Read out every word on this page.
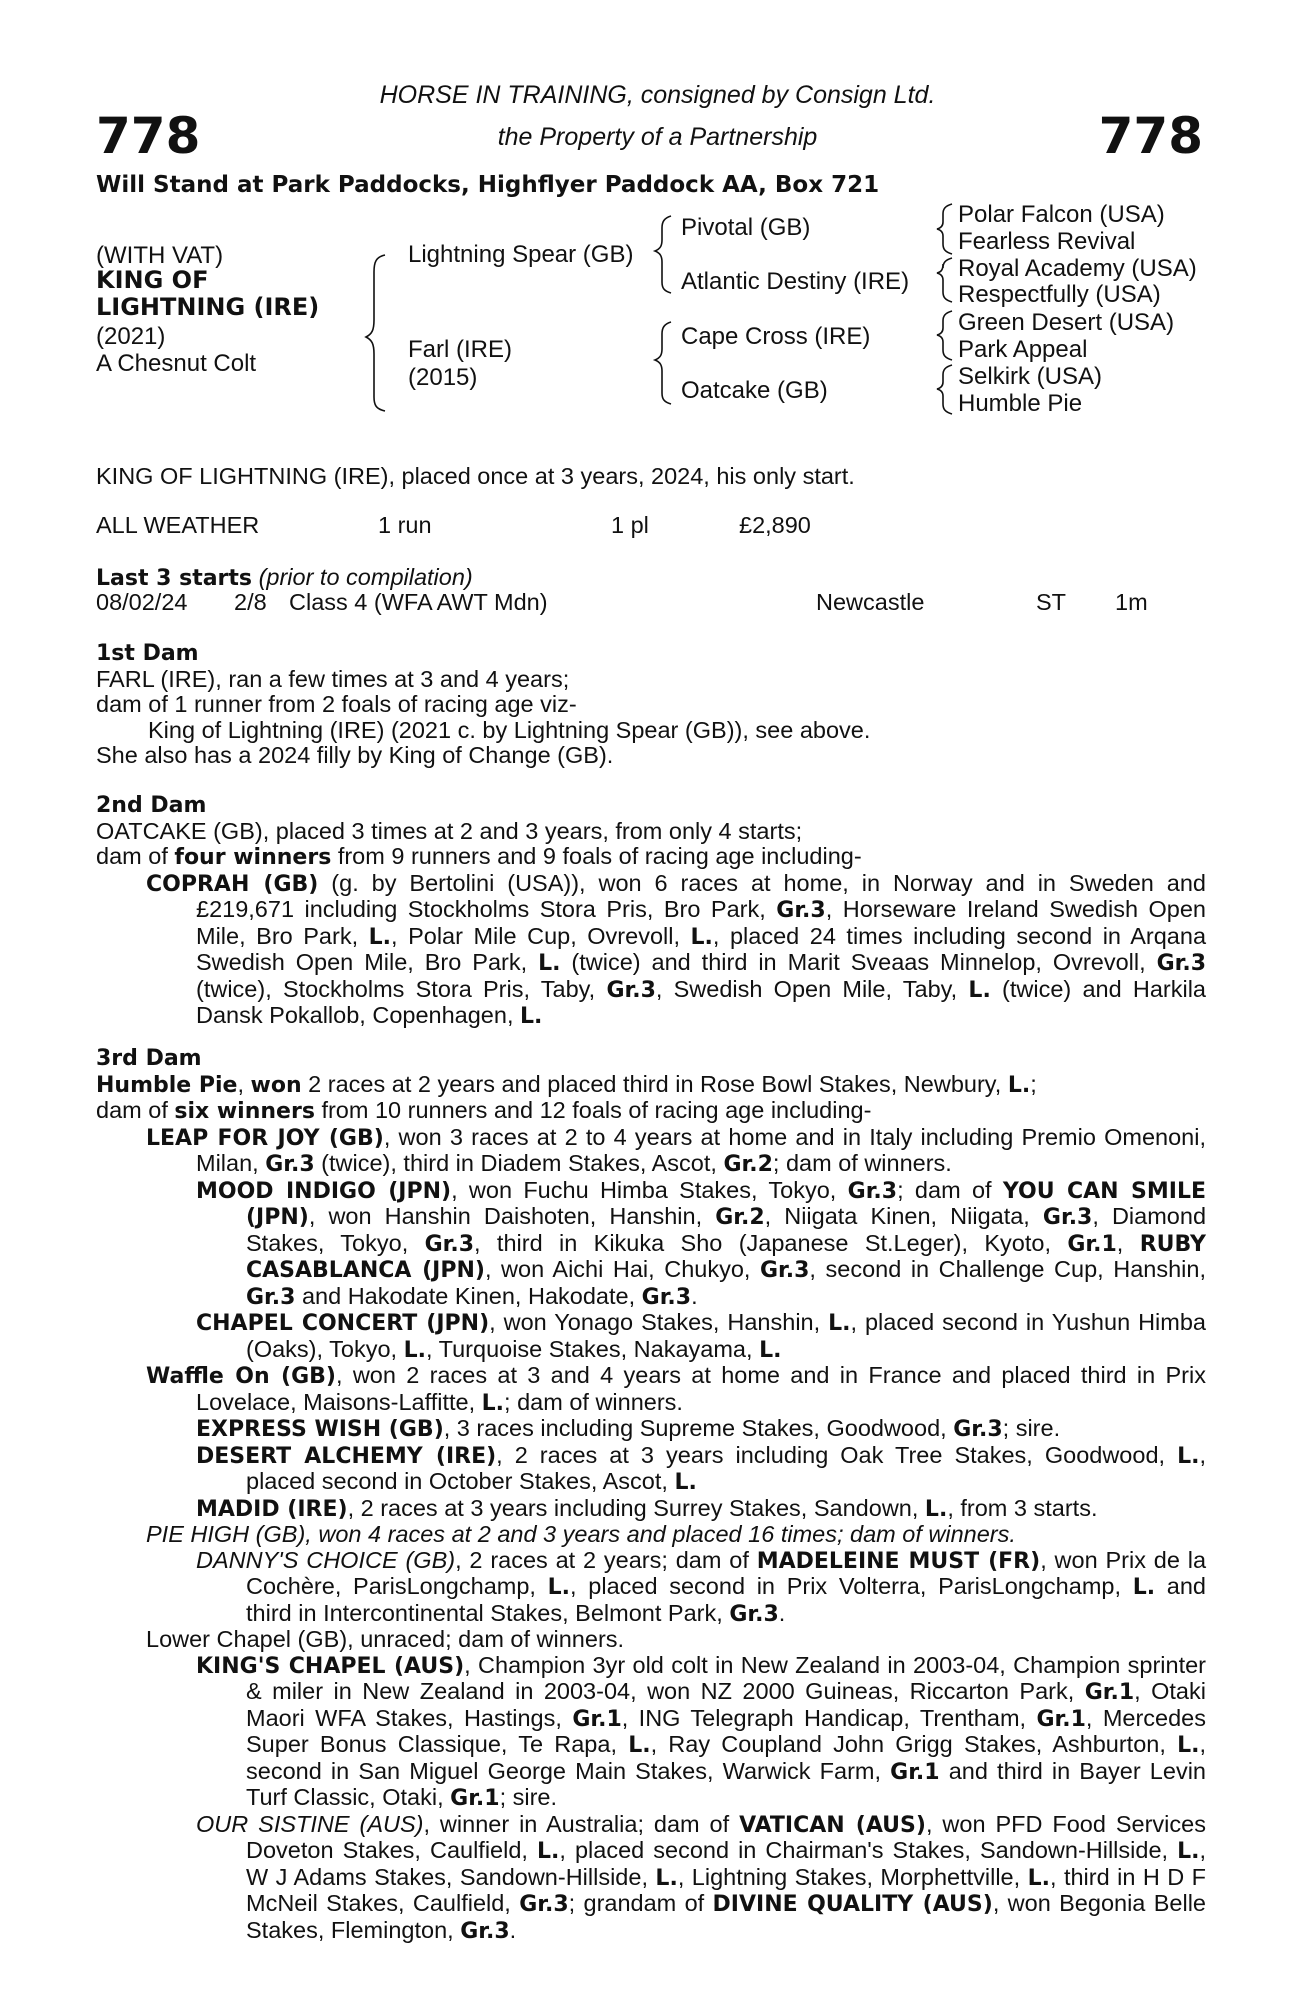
778	778
HORSE IN TRAINING, consigned by Consign Ltd.
the Property of a Partnership
Will Stand at Park Paddocks, Highflyer Paddock AA, Box 721
(WITH VAT)
KING OF
LIGHTNING (IRE)
(2021)
A Chesnut Colt
Lightning Spear (GB)
Farl (IRE)
(2015)
Pivotal (GB)
Atlantic Destiny (IRE)
Cape Cross (IRE)
Oatcake (GB)
Polar Falcon (USA)
Fearless Revival
Royal Academy (USA)
Respectfully (USA)
Green Desert (USA)
Park Appeal
Selkirk (USA)
Humble Pie
KING OF LIGHTNING (IRE), placed once at 3 years, 2024, his only start.
ALL WEATHER	1 run	1 pl	£2,890
Last 3 starts (prior to compilation)
08/02/24 2/8 Class 4 (WFA AWT Mdn)	Newcastle	ST 1m

1st Dam

FARL (IRE), ran a few times at 3 and 4 years;

dam of 1 runner from 2 foals of racing age viz-

King of Lightning (IRE) (2021 c. by Lightning Spear (GB)), see above.

She also has a 2024 filly by King of Change (GB).

2nd Dam

OATCAKE (GB), placed 3 times at 2 and 3 years, from only 4 starts;

dam of four winners from 9 runners and 9 foals of racing age including-

COPRAH (GB) (g. by Bertolini (USA)), won 6 races at home, in Norway and in Sweden and £219,671 including Stockholms Stora Pris, Bro Park, Gr.3, Horseware Ireland Swedish Open Mile, Bro Park, L., Polar Mile Cup, Ovrevoll, L., placed 24 times including second in Arqana Swedish Open Mile, Bro Park, L. (twice) and third in Marit Sveaas Minnelop, Ovrevoll, Gr.3 (twice), Stockholms Stora Pris, Taby, Gr.3, Swedish Open Mile, Taby, L. (twice) and Harkila Dansk Pokallob, Copenhagen, L.

3rd Dam

Humble Pie, won 2 races at 2 years and placed third in Rose Bowl Stakes, Newbury, L.;

dam of six winners from 10 runners and 12 foals of racing age including-

LEAP FOR JOY (GB), won 3 races at 2 to 4 years at home and in Italy including Premio Omenoni, Milan, Gr.3 (twice), third in Diadem Stakes, Ascot, Gr.2; dam of winners.

MOOD INDIGO (JPN), won Fuchu Himba Stakes, Tokyo, Gr.3; dam of YOU CAN SMILE (JPN), won Hanshin Daishoten, Hanshin, Gr.2, Niigata Kinen, Niigata, Gr.3, Diamond Stakes, Tokyo, Gr.3, third in Kikuka Sho (Japanese St.Leger), Kyoto, Gr.1, RUBY CASABLANCA (JPN), won Aichi Hai, Chukyo, Gr.3, second in Challenge Cup, Hanshin, Gr.3 and Hakodate Kinen, Hakodate, Gr.3.

CHAPEL CONCERT (JPN), won Yonago Stakes, Hanshin, L., placed second in Yushun Himba (Oaks), Tokyo, L., Turquoise Stakes, Nakayama, L.

Waffle On (GB), won 2 races at 3 and 4 years at home and in France and placed third in Prix Lovelace, Maisons-Laffitte, L.; dam of winners.

EXPRESS WISH (GB), 3 races including Supreme Stakes, Goodwood, Gr.3; sire.

DESERT ALCHEMY (IRE), 2 races at 3 years including Oak Tree Stakes, Goodwood, L., placed second in October Stakes, Ascot, L.

MADID (IRE), 2 races at 3 years including Surrey Stakes, Sandown, L., from 3 starts.

PIE HIGH (GB), won 4 races at 2 and 3 years and placed 16 times; dam of winners.

DANNY'S CHOICE (GB), 2 races at 2 years; dam of MADELEINE MUST (FR), won Prix de la Cochère, ParisLongchamp, L., placed second in Prix Volterra, ParisLongchamp, L. and third in Intercontinental Stakes, Belmont Park, Gr.3.

Lower Chapel (GB), unraced; dam of winners.

KING'S CHAPEL (AUS), Champion 3yr old colt in New Zealand in 2003-04, Champion sprinter & miler in New Zealand in 2003-04, won NZ 2000 Guineas, Riccarton Park, Gr.1, Otaki Maori WFA Stakes, Hastings, Gr.1, ING Telegraph Handicap, Trentham, Gr.1, Mercedes Super Bonus Classique, Te Rapa, L., Ray Coupland John Grigg Stakes, Ashburton, L., second in San Miguel George Main Stakes, Warwick Farm, Gr.1 and third in Bayer Levin Turf Classic, Otaki, Gr.1; sire.

OUR SISTINE (AUS), winner in Australia; dam of VATICAN (AUS), won PFD Food Services Doveton Stakes, Caulfield, L., placed second in Chairman's Stakes, Sandown-Hillside, L., W J Adams Stakes, Sandown-Hillside, L., Lightning Stakes, Morphettville, L., third in H D F McNeil Stakes, Caulfield, Gr.3; grandam of DIVINE QUALITY (AUS), won Begonia Belle Stakes, Flemington, Gr.3.
